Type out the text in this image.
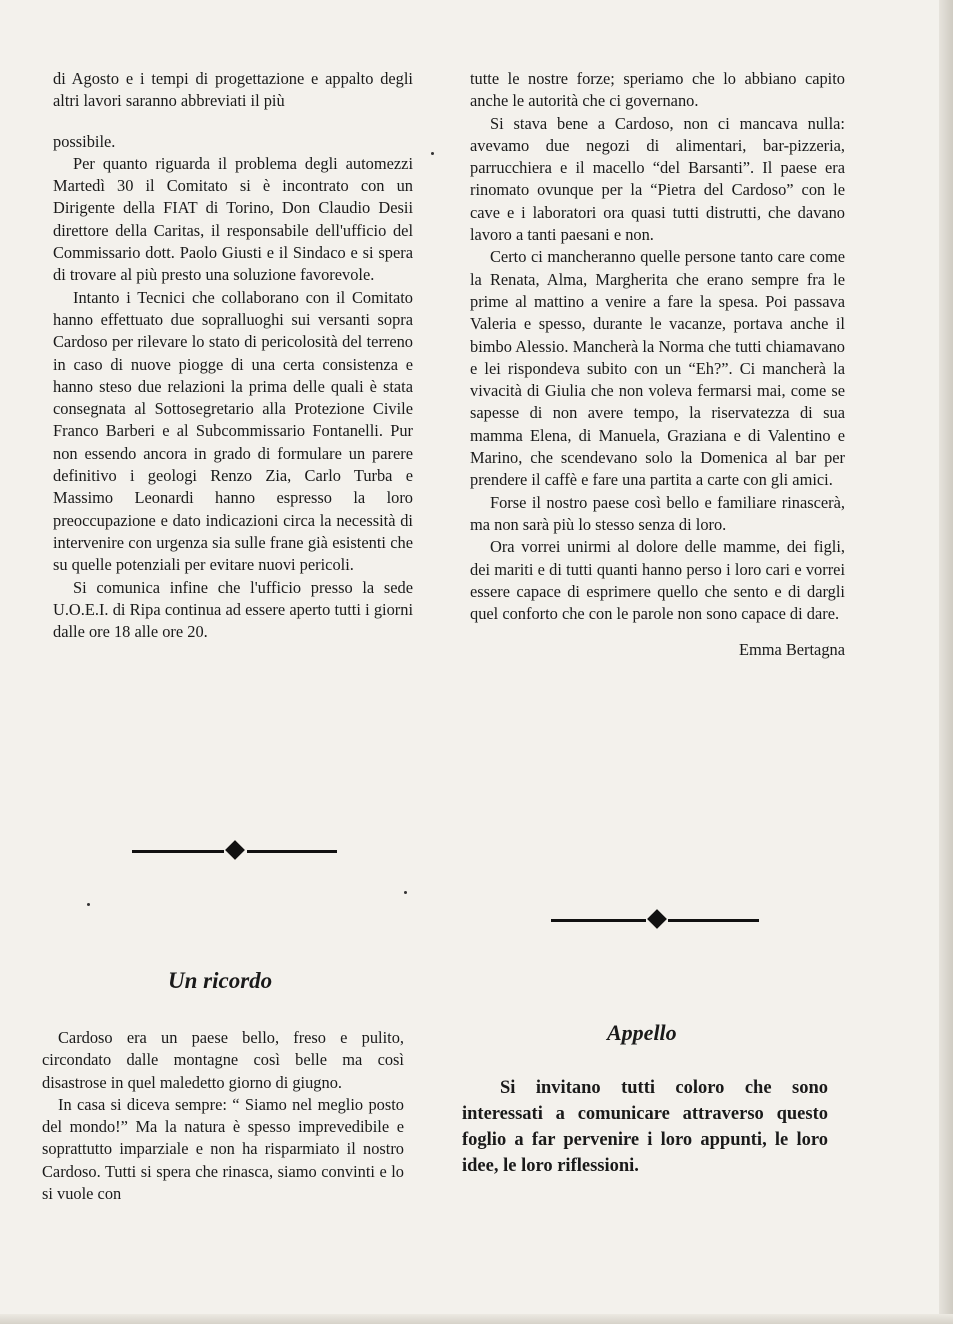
di Agosto e i tempi di progettazione e appalto degli altri lavori saranno abbreviati il più

possibile.

Per quanto riguarda il problema degli automezzi Martedì 30 il Comitato si è incontrato con un Dirigente della FIAT di Torino, Don Claudio Desii direttore della Caritas, il responsabile dell'ufficio del Commissario dott. Paolo Giusti e il Sindaco e si spera di trovare al più presto una soluzione favorevole.

Intanto i Tecnici che collaborano con il Comitato hanno effettuato due sopralluoghi sui versanti sopra Cardoso per rilevare lo stato di pericolosità del terreno in caso di nuove piogge di una certa consistenza e hanno steso due relazioni la prima delle quali è stata consegnata al Sottosegretario alla Protezione Civile Franco Barberi e al Subcommissario Fontanelli. Pur non essendo ancora in grado di formulare un parere definitivo i geologi Renzo Zia, Carlo Turba e Massimo Leonardi hanno espresso la loro preoccupazione e dato indicazioni circa la necessità di intervenire con urgenza sia sulle frane già esistenti che su quelle potenziali per evitare nuovi pericoli.

Si comunica infine che l'ufficio presso la sede U.O.E.I. di Ripa continua ad essere aperto tutti i giorni dalle ore 18 alle ore 20.

tutte le nostre forze; speriamo che lo abbiano capito anche le autorità che ci governano.

Si stava bene a Cardoso, non ci mancava nulla: avevamo due negozi di alimentari, bar-pizzeria, parrucchiera e il macello “del Barsanti”. Il paese era rinomato ovunque per la “Pietra del Cardoso” con le cave e i laboratori ora quasi tutti distrutti, che davano lavoro a tanti paesani e non.

Certo ci mancheranno quelle persone tanto care come la Renata, Alma, Margherita che erano sempre fra le prime al mattino a venire a fare la spesa. Poi passava Valeria e spesso, durante le vacanze, portava anche il bimbo Alessio. Mancherà la Norma che tutti chiamavano e lei rispondeva subito con un “Eh?”. Ci mancherà la vivacità di Giulia che non voleva fermarsi mai, come se sapesse di non avere tempo, la riservatezza di sua mamma Elena, di Manuela, Graziana e di Valentino e Marino, che scendevano solo la Domenica al bar per prendere il caffè e fare una partita a carte con gli amici.

Forse il nostro paese così bello e familiare rinascerà, ma non sarà più lo stesso senza di loro.

Ora vorrei unirmi al dolore delle mamme, dei figli, dei mariti e di tutti quanti hanno perso i loro cari e vorrei essere capace di esprimere quello che sento e di dargli quel conforto che con le parole non sono capace di dare.

Emma Bertagna

Un ricordo

Cardoso era un paese bello, freso e pulito, circondato dalle montagne così belle ma così disastrose in quel maledetto giorno di giugno.

In casa si diceva sempre: “ Siamo nel meglio posto del mondo!” Ma la natura è spesso imprevedibile e soprattutto imparziale e non ha risparmiato il nostro Cardoso. Tutti si spera che rinasca, siamo convinti e lo si vuole con

Appello

Si invitano tutti coloro che sono interessati a comunicare attraverso questo foglio a far pervenire i loro appunti, le loro idee, le loro riflessioni.
